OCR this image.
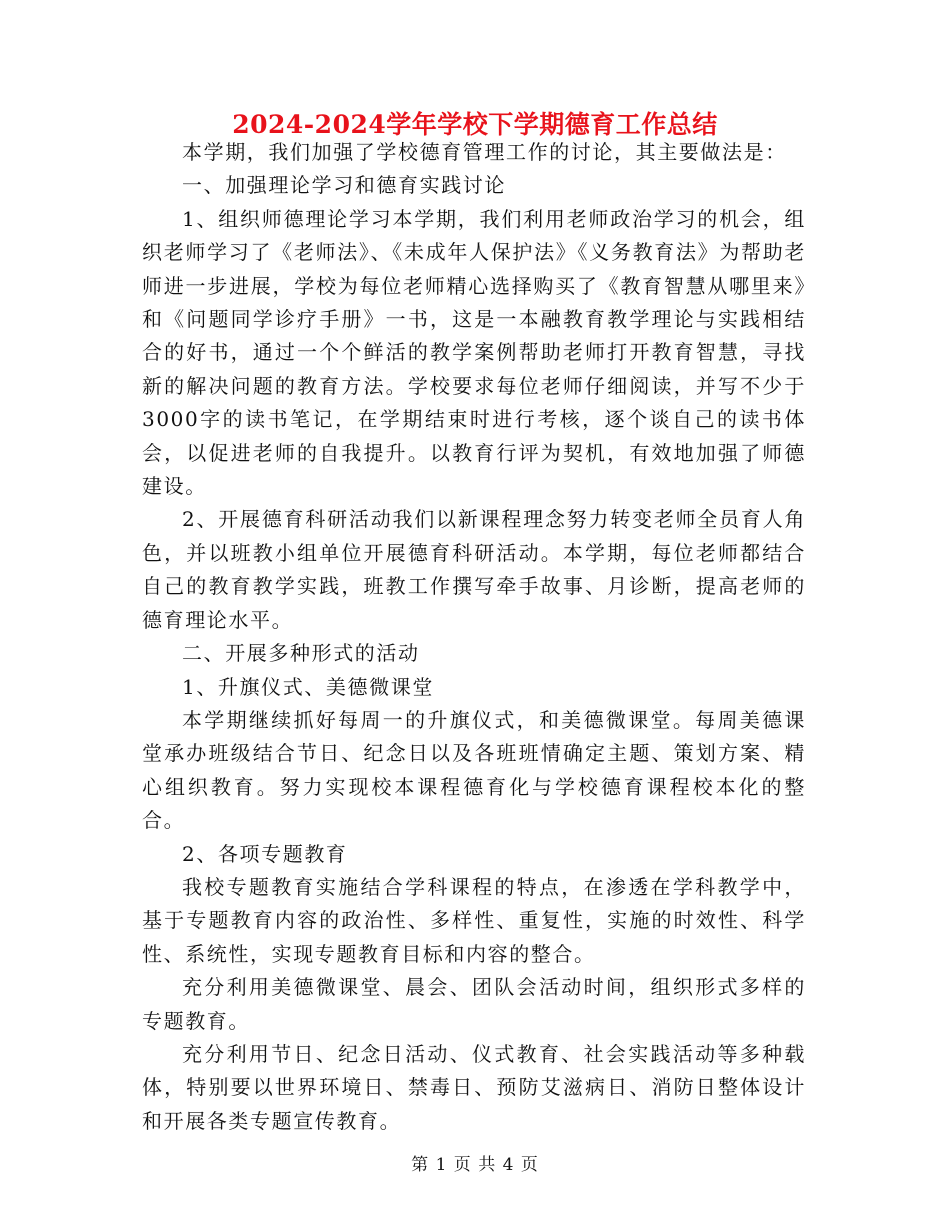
2024-2024学年学校下学期德育工作总结

本学期，我们加强了学校德育管理工作的讨论，其主要做法是：

一、加强理论学习和德育实践讨论

1、组织师德理论学习本学期，我们利用老师政治学习的机会，组织老师学习了《老师法》、《未成年人保护法》《义务教育法》为帮助老师进一步进展，学校为每位老师精心选择购买了《教育智慧从哪里来》和《问题同学诊疗手册》一书，这是一本融教育教学理论与实践相结合的好书，通过一个个鲜活的教学案例帮助老师打开教育智慧，寻找新的解决问题的教育方法。学校要求每位老师仔细阅读，并写不少于3000字的读书笔记，在学期结束时进行考核，逐个谈自己的读书体会，以促进老师的自我提升。以教育行评为契机，有效地加强了师德建设。

2、开展德育科研活动我们以新课程理念努力转变老师全员育人角色，并以班教小组单位开展德育科研活动。本学期，每位老师都结合自己的教育教学实践，班教工作撰写牵手故事、月诊断，提高老师的德育理论水平。

二、开展多种形式的活动

1、升旗仪式、美德微课堂

本学期继续抓好每周一的升旗仪式，和美德微课堂。每周美德课堂承办班级结合节日、纪念日以及各班班情确定主题、策划方案、精心组织教育。努力实现校本课程德育化与学校德育课程校本化的整合。

2、各项专题教育

我校专题教育实施结合学科课程的特点，在渗透在学科教学中，基于专题教育内容的政治性、多样性、重复性，实施的时效性、科学性、系统性，实现专题教育目标和内容的整合。

充分利用美德微课堂、晨会、团队会活动时间，组织形式多样的专题教育。

充分利用节日、纪念日活动、仪式教育、社会实践活动等多种载体，特别要以世界环境日、禁毒日、预防艾滋病日、消防日整体设计和开展各类专题宣传教育。

第 1 页 共 4 页
